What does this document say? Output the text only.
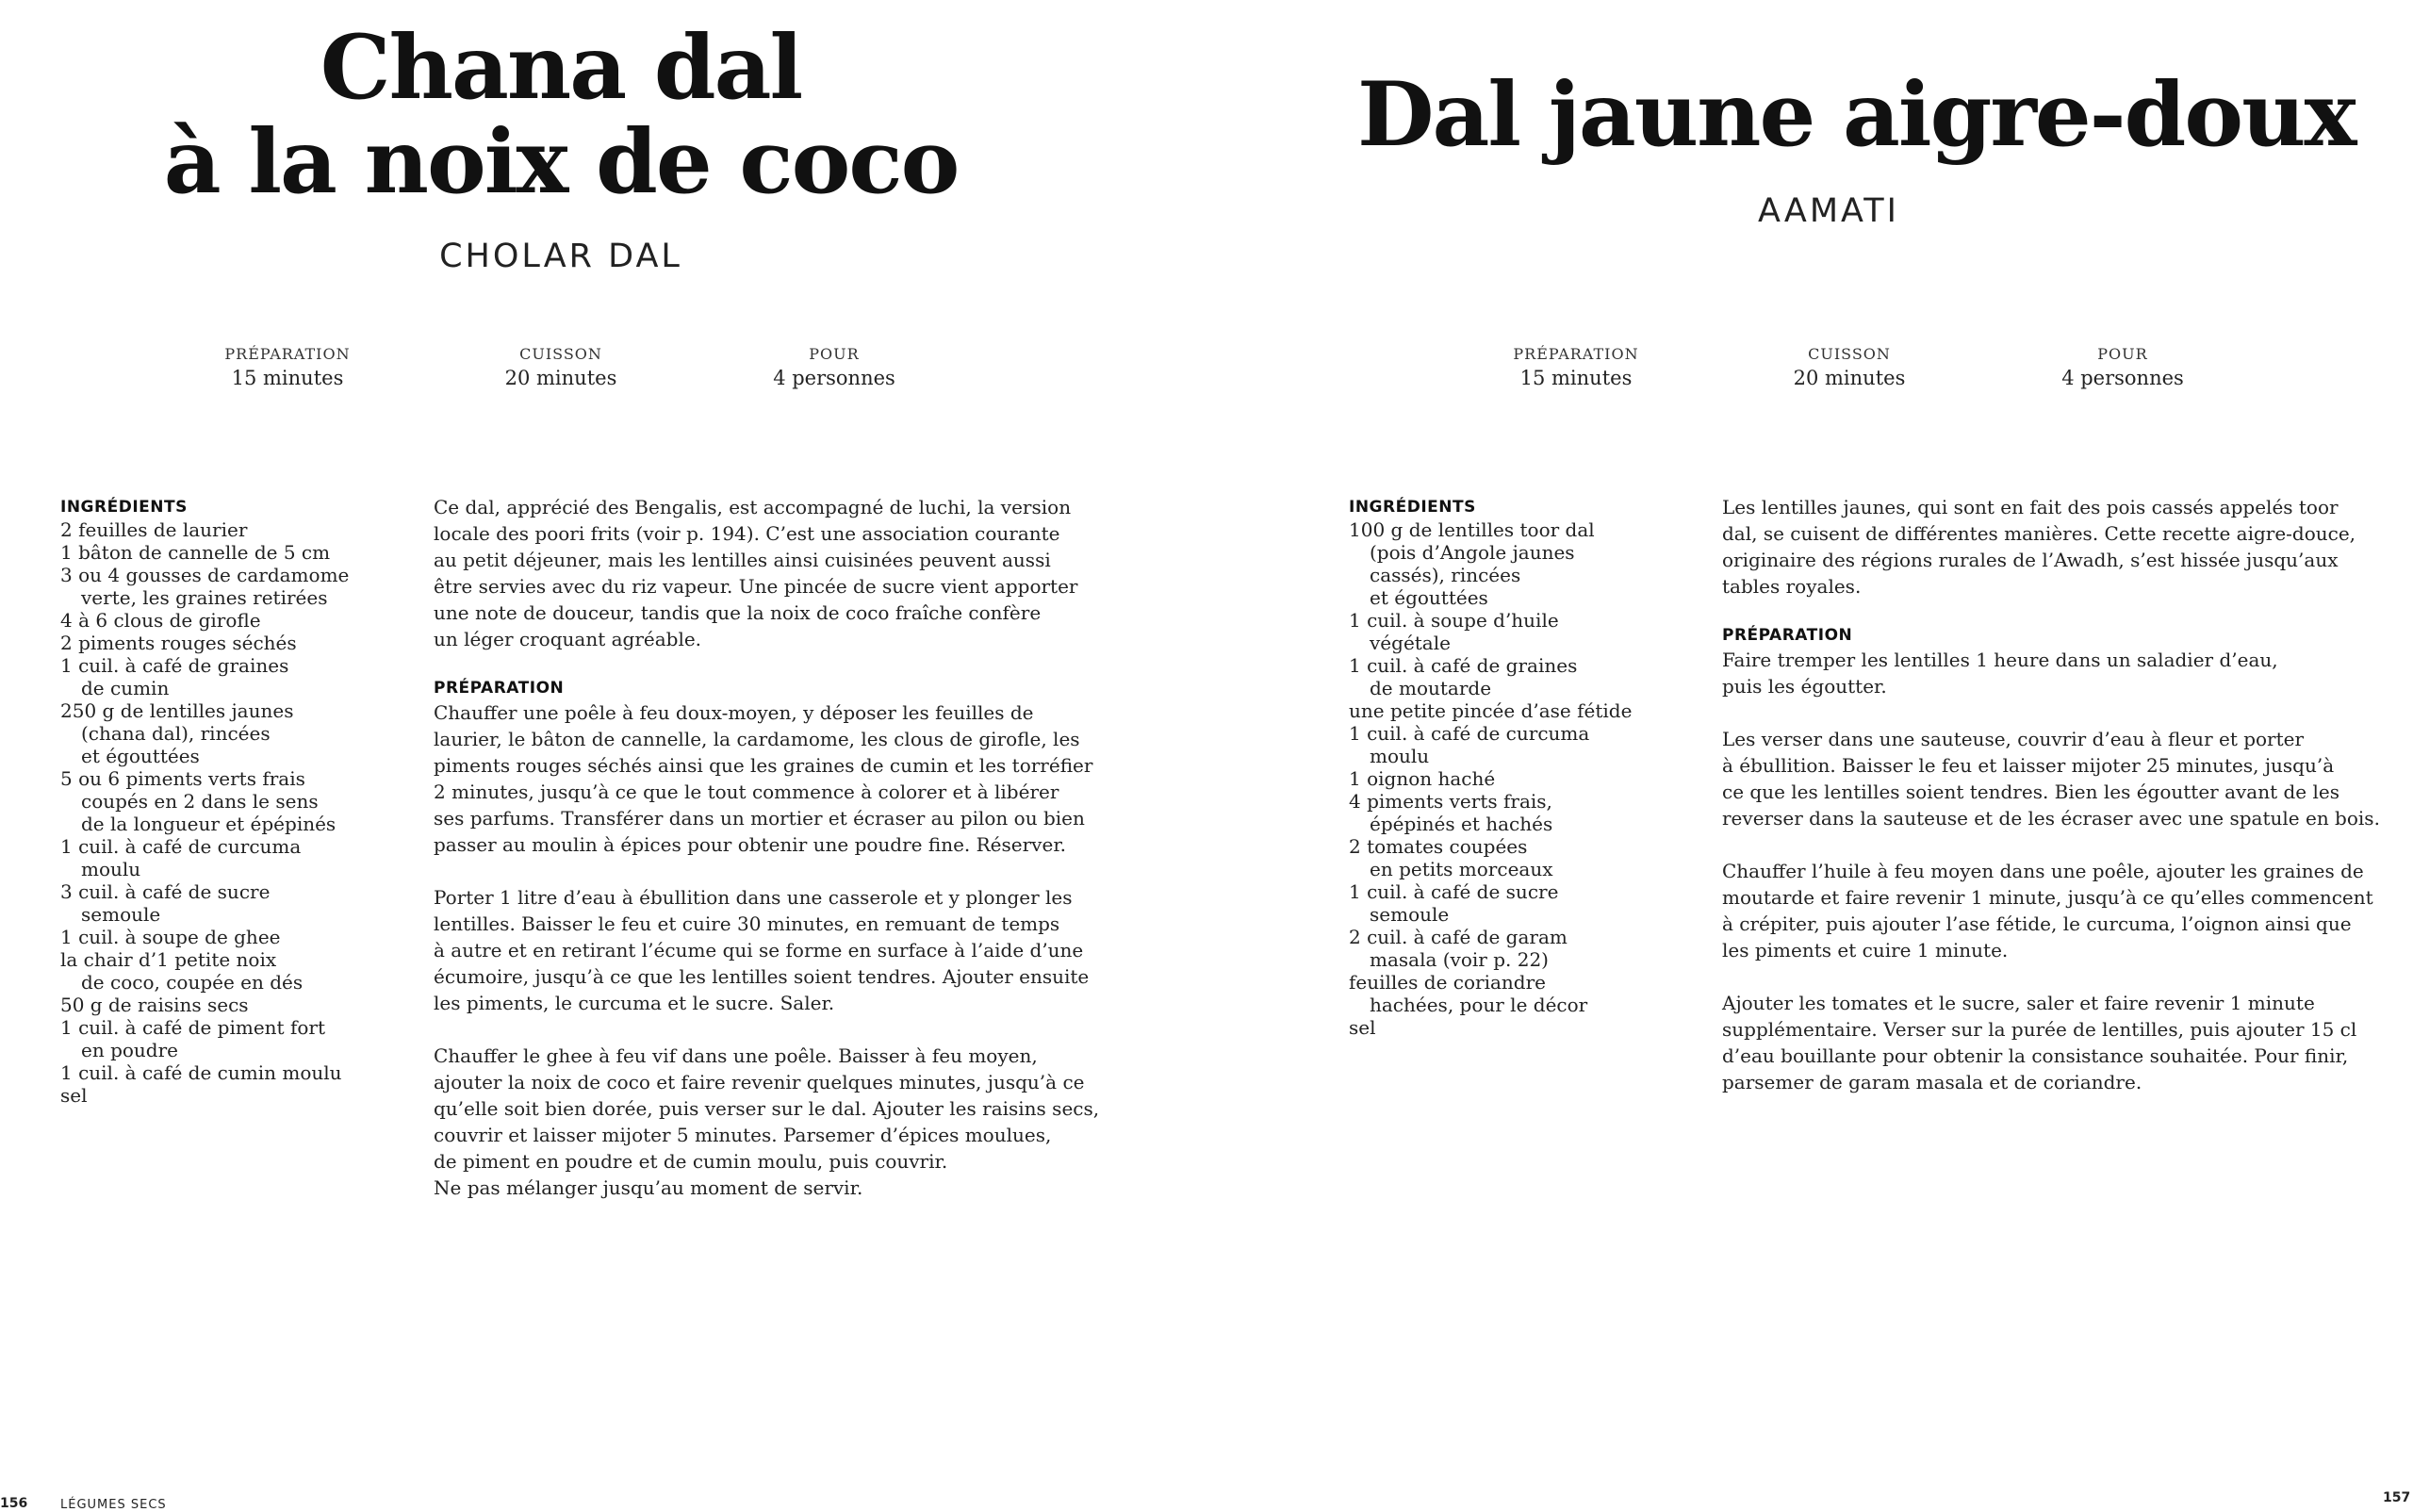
Chana dal
à la noix de coco
CHOLAR DAL
PRÉPARATION
15 minutes
CUISSON
20 minutes
POUR
4 personnes
INGRÉDIENTS
2 feuilles de laurier
1 bâton de cannelle de 5 cm
3 ou 4 gousses de cardamome
verte, les graines retirées
4 à 6 clous de girofle
2 piments rouges séchés
1 cuil. à café de graines
de cumin
250 g de lentilles jaunes
(chana dal), rincées
et égouttées
5 ou 6 piments verts frais
coupés en 2 dans le sens
de la longueur et épépinés
1 cuil. à café de curcuma
moulu
3 cuil. à café de sucre
semoule
1 cuil. à soupe de ghee
la chair d’1 petite noix
de coco, coupée en dés
50 g de raisins secs
1 cuil. à café de piment fort
en poudre
1 cuil. à café de cumin moulu
sel

Ce dal, apprécié des Bengalis, est accompagné de luchi, la version
locale des poori frits (voir p. 194). C’est une association courante
au petit déjeuner, mais les lentilles ainsi cuisinées peuvent aussi
être servies avec du riz vapeur. Une pincée de sucre vient apporter
une note de douceur, tandis que la noix de coco fraîche confère
un léger croquant agréable.

PRÉPARATION

Chauffer une poêle à feu doux-moyen, y déposer les feuilles de
laurier, le bâton de cannelle, la cardamome, les clous de girofle, les
piments rouges séchés ainsi que les graines de cumin et les torréfier
2 minutes, jusqu’à ce que le tout commence à colorer et à libérer
ses parfums. Transférer dans un mortier et écraser au pilon ou bien
passer au moulin à épices pour obtenir une poudre fine. Réserver.

Porter 1 litre d’eau à ébullition dans une casserole et y plonger les
lentilles. Baisser le feu et cuire 30 minutes, en remuant de temps
à autre et en retirant l’écume qui se forme en surface à l’aide d’une
écumoire, jusqu’à ce que les lentilles soient tendres. Ajouter ensuite
les piments, le curcuma et le sucre. Saler.

Chauffer le ghee à feu vif dans une poêle. Baisser à feu moyen,
ajouter la noix de coco et faire revenir quelques minutes, jusqu’à ce
qu’elle soit bien dorée, puis verser sur le dal. Ajouter les raisins secs,
couvrir et laisser mijoter 5 minutes. Parsemer d’épices moulues,
de piment en poudre et de cumin moulu, puis couvrir.
Ne pas mélanger jusqu’au moment de servir.

156	LÉGUMES SECS
Dal jaune aigre-doux
AAMATI
PRÉPARATION
15 minutes
CUISSON
20 minutes
POUR
4 personnes
INGRÉDIENTS
100 g de lentilles toor dal
(pois d’Angole jaunes
cassés), rincées
et égouttées
1 cuil. à soupe d’huile
végétale
1 cuil. à café de graines
de moutarde
une petite pincée d’ase fétide
1 cuil. à café de curcuma
moulu
1 oignon haché
4 piments verts frais,
épépinés et hachés
2 tomates coupées
en petits morceaux
1 cuil. à café de sucre
semoule
2 cuil. à café de garam
masala (voir p. 22)
feuilles de coriandre
hachées, pour le décor
sel

Les lentilles jaunes, qui sont en fait des pois cassés appelés toor
dal, se cuisent de différentes manières. Cette recette aigre-douce,
originaire des régions rurales de l’Awadh, s’est hissée jusqu’aux
tables royales.

PRÉPARATION

Faire tremper les lentilles 1 heure dans un saladier d’eau,
puis les égoutter.

Les verser dans une sauteuse, couvrir d’eau à fleur et porter
à ébullition. Baisser le feu et laisser mijoter 25 minutes, jusqu’à
ce que les lentilles soient tendres. Bien les égoutter avant de les
reverser dans la sauteuse et de les écraser avec une spatule en bois.

Chauffer l’huile à feu moyen dans une poêle, ajouter les graines de
moutarde et faire revenir 1 minute, jusqu’à ce qu’elles commencent
à crépiter, puis ajouter l’ase fétide, le curcuma, l’oignon ainsi que
les piments et cuire 1 minute.

Ajouter les tomates et le sucre, saler et faire revenir 1 minute
supplémentaire. Verser sur la purée de lentilles, puis ajouter 15 cl
d’eau bouillante pour obtenir la consistance souhaitée. Pour finir,
parsemer de garam masala et de coriandre.

157
